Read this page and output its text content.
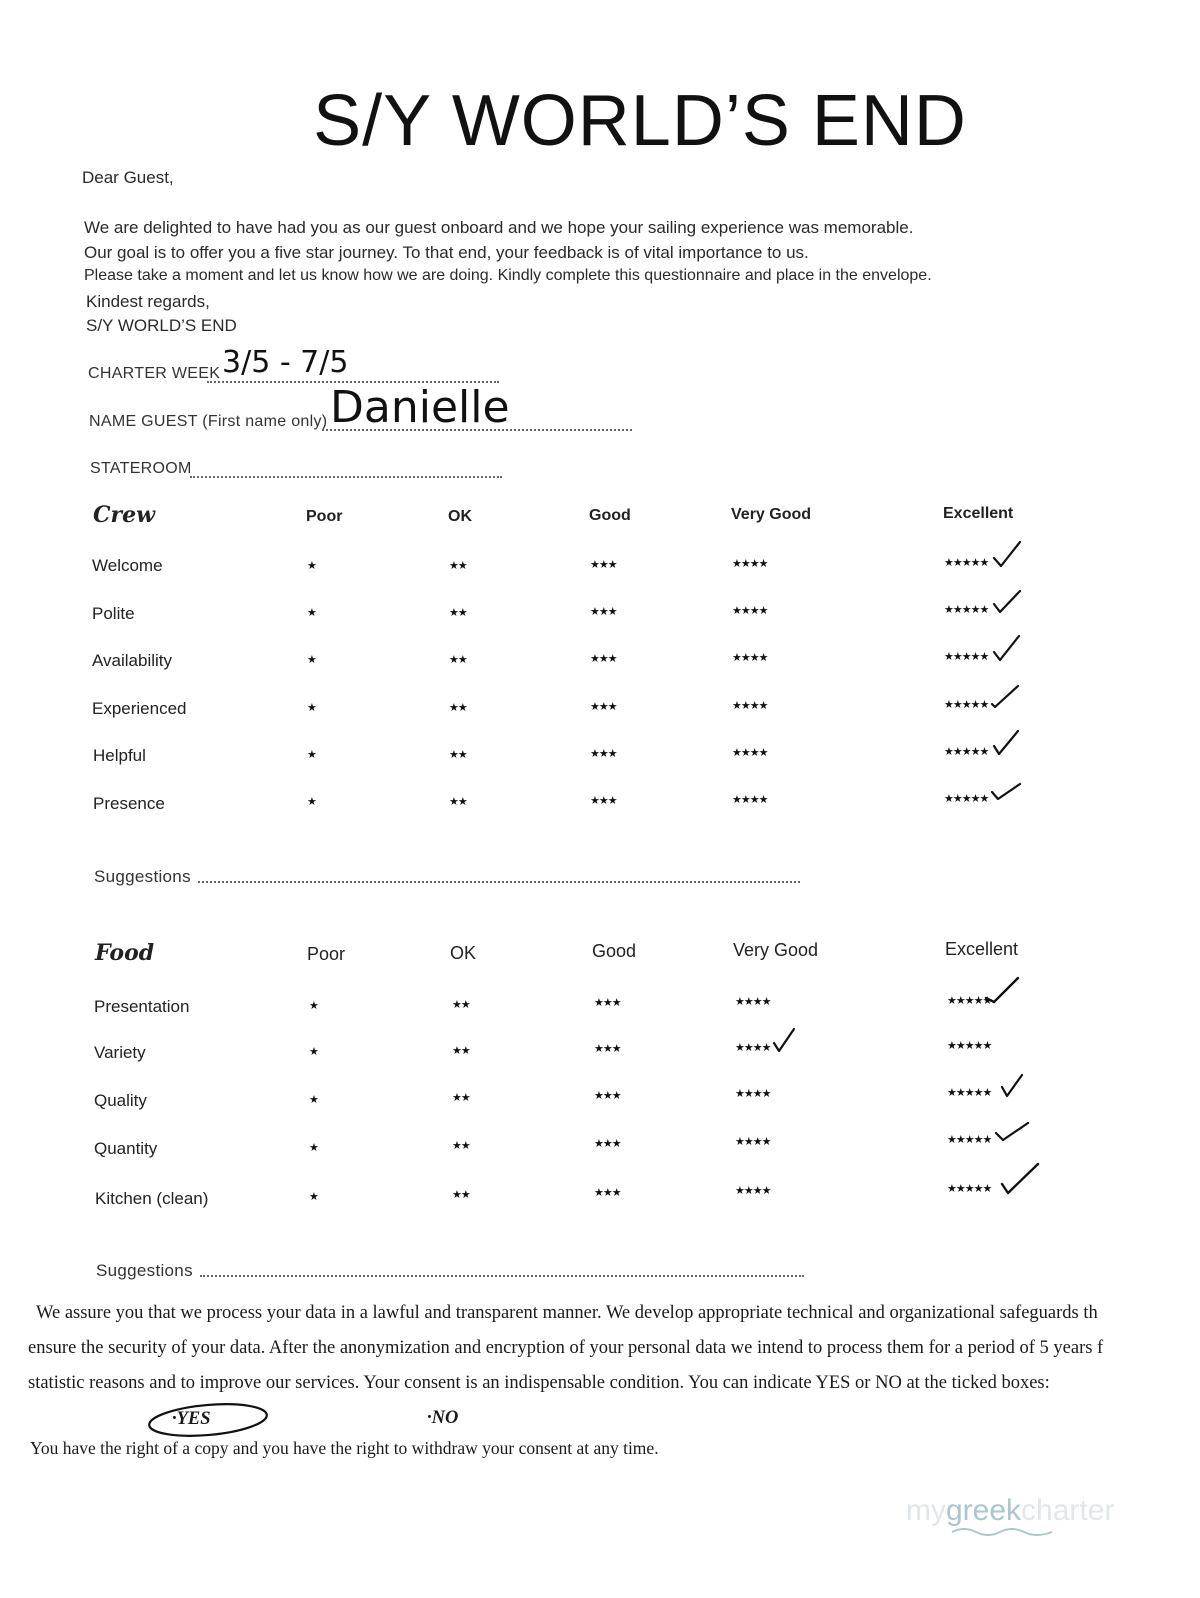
S/Y WORLD’S END
Dear Guest,
We are delighted to have had you as our guest onboard and we hope your sailing experience was memorable.
Our goal is to offer you a five star journey. To that end, your feedback is of vital importance to us.
Please take a moment and let us know how we are doing. Kindly complete this questionnaire and place in the envelope.
Kindest regards,
S/Y WORLD’S END
CHARTER WEEK 3/5 - 7/5
NAME GUEST (First name only) Danielle
STATEROOM
Crew	Poor	OK	Good	Very Good	Excellent
Welcome	★	★★	★★★	★★★★	★★★★★
Polite	★	★★	★★★	★★★★	★★★★★
Availability	★	★★	★★★	★★★★	★★★★★
Experienced	★	★★	★★★	★★★★	★★★★★
Helpful	★	★★	★★★	★★★★	★★★★★
Presence	★	★★	★★★	★★★★	★★★★★
Suggestions
Food	Poor	OK	Good	Very Good	Excellent
Presentation	★	★★	★★★	★★★★	★★★★★
Variety	★	★★	★★★	★★★★	★★★★★
Quality	★	★★	★★★	★★★★	★★★★★
Quantity	★	★★	★★★	★★★★	★★★★★
Kitchen (clean)	★	★★	★★★	★★★★	★★★★★
Suggestions
We assure you that we process your data in a lawful and transparent manner. We develop appropriate technical and organizational safeguards th
ensure the security of your data. After the anonymization and encryption of your personal data we intend to process them for a period of 5 years f
statistic reasons and to improve our services. Your consent is an indispensable condition. You can indicate YES or NO at the ticked boxes:
·YES	·NO
You have the right of a copy and you have the right to withdraw your consent at any time.
mygreekcharter
